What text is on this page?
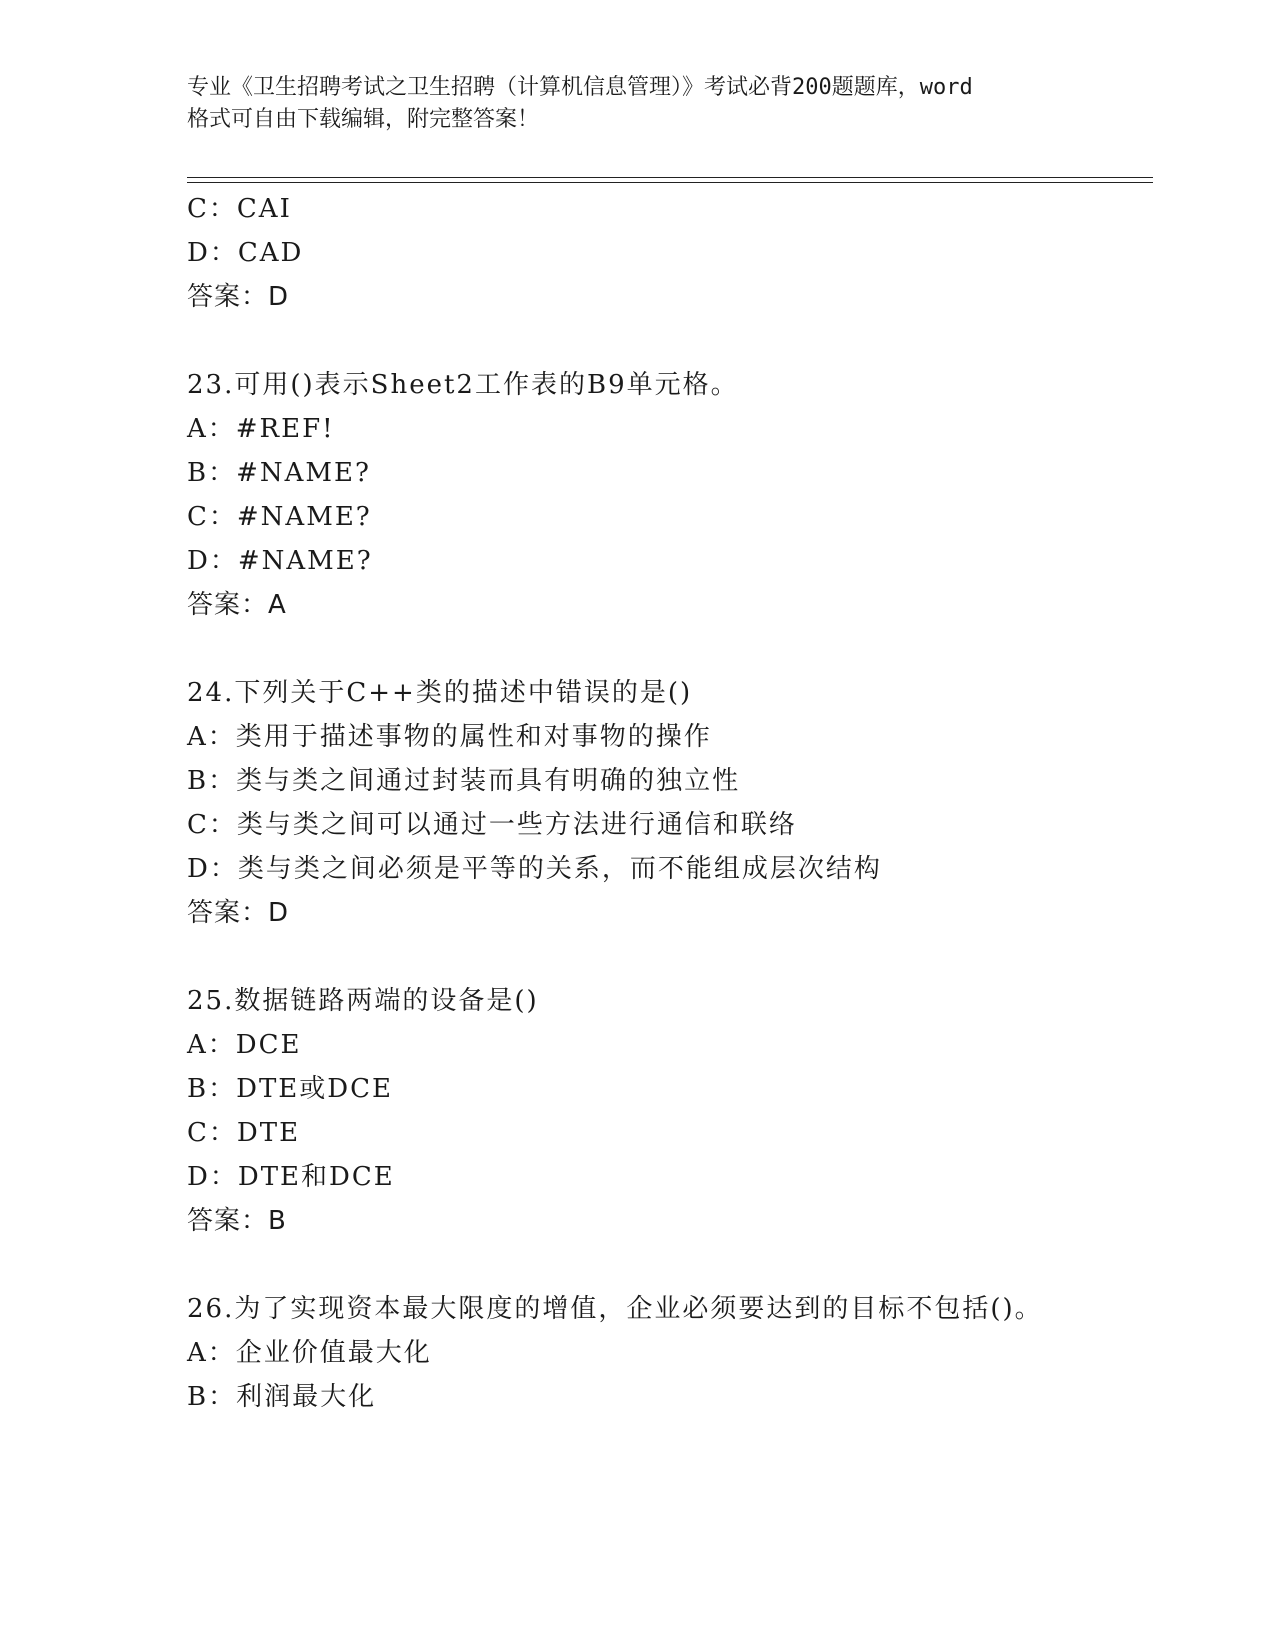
专业《卫生招聘考试之卫生招聘（计算机信息管理）》考试必背200题题库，word
格式可自由下载编辑，附完整答案！
C：CAI
D：CAD
答案：D
23.可用()表示Sheet2工作表的B9单元格。
A：#REF!
B：#NAME?
C：#NAME?
D：#NAME?
答案：A
24.下列关于C++类的描述中错误的是()
A：类用于描述事物的属性和对事物的操作
B：类与类之间通过封装而具有明确的独立性
C：类与类之间可以通过一些方法进行通信和联络
D：类与类之间必须是平等的关系，而不能组成层次结构
答案：D
25.数据链路两端的设备是()
A：DCE
B：DTE或DCE
C：DTE
D：DTE和DCE
答案：B
26.为了实现资本最大限度的增值，企业必须要达到的目标不包括()。
A：企业价值最大化
B：利润最大化
